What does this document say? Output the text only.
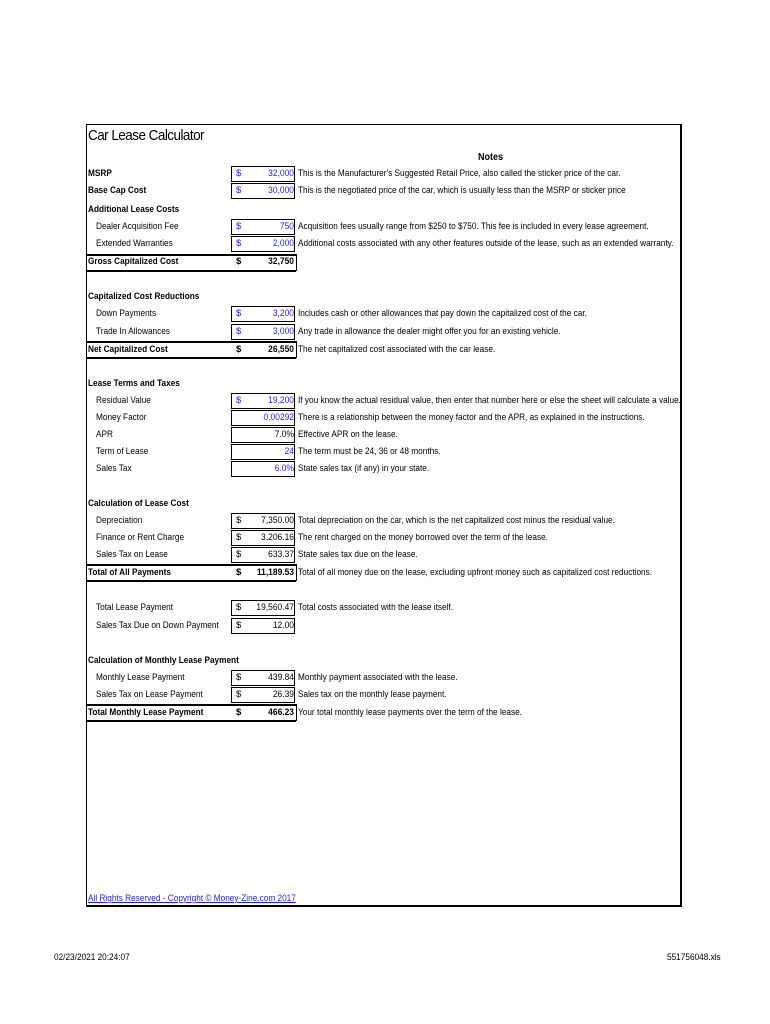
Car Lease Calculator
Notes
MSRP	$	32,000 This is the Manufacturer's Suggested Retail Price, also called the sticker price of the car.
Base Cap Cost	$	30,000 This is the negotiated price of the car, which is usually less than the MSRP or sticker price
Additional Lease Costs
Dealer Acquisition Fee	$	750 Acquisition fees usually range from $250 to $750. This fee is included in every lease agreement.
Extended Warranties	$	2,000 Additional costs associated with any other features outside of the lease, such as an extended warranty.
Gross Capitalized Cost	$	32,750
Capitalized Cost Reductions
Down Payments	$	3,200 Includes cash or other allowances that pay down the capitalized cost of the car.
Trade In Allowances	$	3,000 Any trade in allowance the dealer might offer you for an existing vehicle.
Net Capitalized Cost	$	26,550 The net capitalized cost associated with the car lease.
Lease Terms and Taxes
Residual Value	$	19,200 If you know the actual residual value, then enter that number here or else the sheet will calculate a value.
Money Factor	0.00292 There is a relationship between the money factor and the APR, as explained in the instructions.
APR	7.0% Effective APR on the lease.
Term of Lease	24 The term must be 24, 36 or 48 months.
Sales Tax	6.0% State sales tax (if any) in your state.
Calculation of Lease Cost
Depreciation	$	7,350.00 Total depreciation on the car, which is the net capitalized cost minus the residual value.
Finance or Rent Charge	$	3,206.16 The rent charged on the money borrowed over the term of the lease.
Sales Tax on Lease	$	633.37 State sales tax due on the lease.
Total of All Payments	$	11,189.53 Total of all money due on the lease, excluding upfront money such as capitalized cost reductions.
Total Lease Payment	$	19,560.47 Total costs associated with the lease itself.
Sales Tax Due on Down Payment $	12.00
Calculation of Monthly Lease Payment
Monthly Lease Payment	$	439.84 Monthly payment associated with the lease.
Sales Tax on Lease Payment	$	26.39 Sales tax on the monthly lease payment.
Total Monthly Lease Payment	$	466.23 Your total monthly lease payments over the term of the lease.
All Rights Reserved - Copyright © Money-Zine.com 2017
02/23/2021 20:24:07	551756048.xls
